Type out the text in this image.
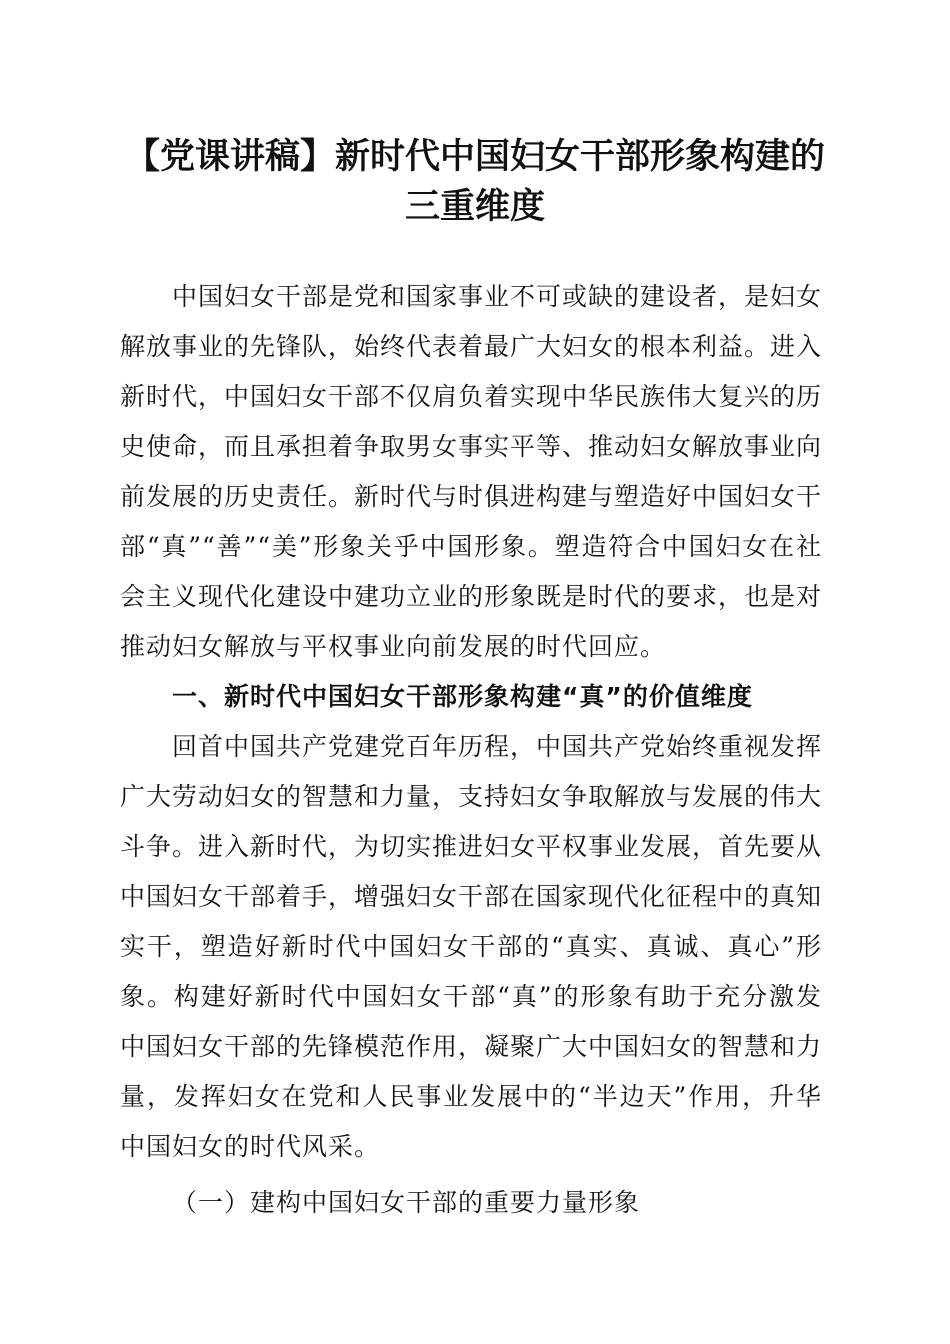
【党课讲稿】新时代中国妇女干部形象构建的
三重维度

中国妇女干部是党和国家事业不可或缺的建设者，是妇女解放事业的先锋队，始终代表着最广大妇女的根本利益。进入新时代，中国妇女干部不仅肩负着实现中华民族伟大复兴的历史使命，而且承担着争取男女事实平等、推动妇女解放事业向前发展的历史责任。新时代与时俱进构建与塑造好中国妇女干部“真”“善”“美”形象关乎中国形象。塑造符合中国妇女在社会主义现代化建设中建功立业的形象既是时代的要求，也是对推动妇女解放与平权事业向前发展的时代回应。

一、新时代中国妇女干部形象构建“真”的价值维度

回首中国共产党建党百年历程，中国共产党始终重视发挥广大劳动妇女的智慧和力量，支持妇女争取解放与发展的伟大斗争。进入新时代，为切实推进妇女平权事业发展，首先要从中国妇女干部着手，增强妇女干部在国家现代化征程中的真知实干，塑造好新时代中国妇女干部的“真实、真诚、真心”形象。构建好新时代中国妇女干部“真”的形象有助于充分激发中国妇女干部的先锋模范作用，凝聚广大中国妇女的智慧和力量，发挥妇女在党和人民事业发展中的“半边天”作用，升华中国妇女的时代风采。

（一）建构中国妇女干部的重要力量形象
